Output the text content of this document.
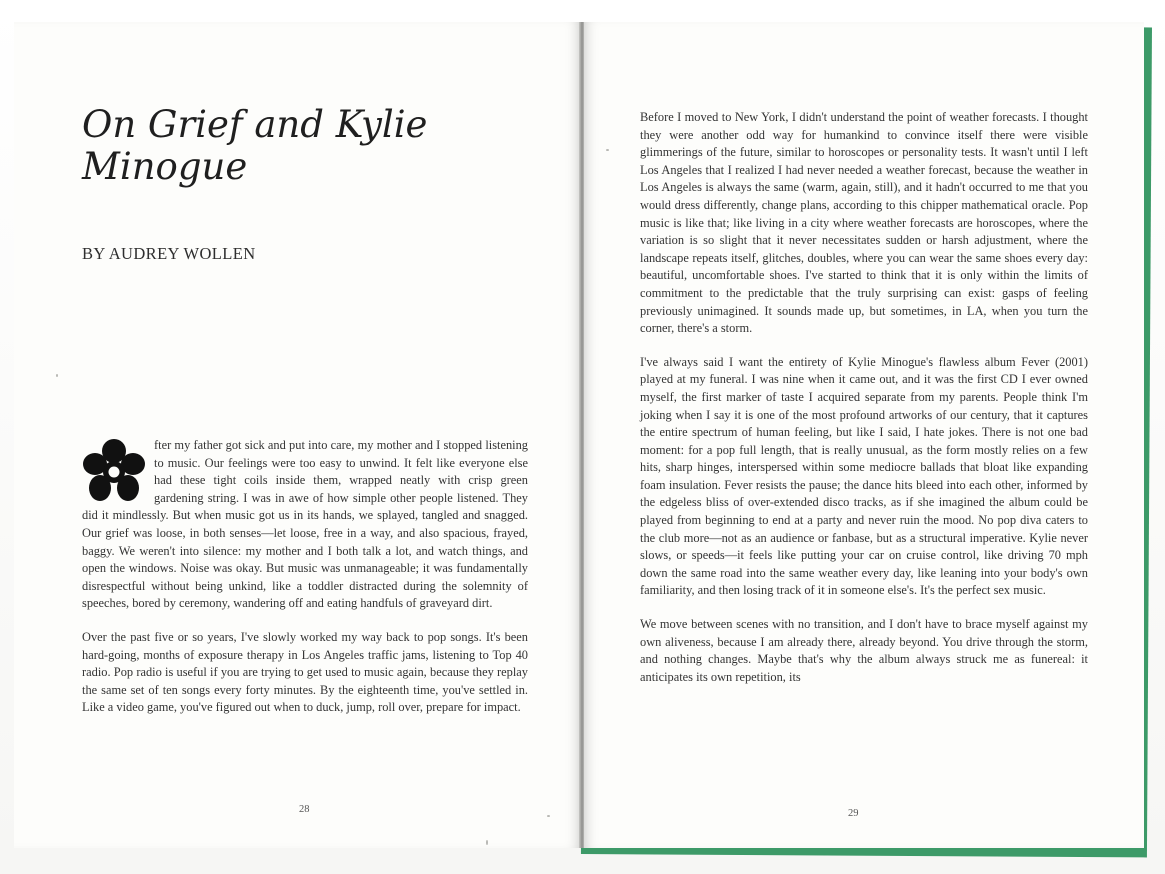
On Grief and Kylie Minogue
BY AUDREY WOLLEN

fter my father got sick and put into care, my mother and I stopped listening to music. Our feelings were too easy to unwind. It felt like everyone else had these tight coils inside them, wrapped neatly with crisp green gardening string. I was in awe of how simple other people listened. They did it mindlessly. But when music got us in its hands, we splayed, tangled and snagged. Our grief was loose, in both senses—let loose, free in a way, and also spacious, frayed, baggy. We weren't into silence: my mother and I both talk a lot, and watch things, and open the windows. Noise was okay. But music was unmanageable; it was fundamentally disrespectful without being unkind, like a toddler distracted during the solemnity of speeches, bored by ceremony, wandering off and eating handfuls of graveyard dirt.

Over the past five or so years, I've slowly worked my way back to pop songs. It's been hard-going, months of exposure therapy in Los Angeles traffic jams, listening to Top 40 radio. Pop radio is useful if you are trying to get used to music again, because they replay the same set of ten songs every forty minutes. By the eighteenth time, you've settled in. Like a video game, you've figured out when to duck, jump, roll over, prepare for impact.

28

Before I moved to New York, I didn't understand the point of weather forecasts. I thought they were another odd way for humankind to convince itself there were visible glimmerings of the future, similar to horoscopes or personality tests. It wasn't until I left Los Angeles that I realized I had never needed a weather forecast, because the weather in Los Angeles is always the same (warm, again, still), and it hadn't occurred to me that you would dress differently, change plans, according to this chipper mathematical oracle. Pop music is like that; like living in a city where weather forecasts are horoscopes, where the variation is so slight that it never necessitates sudden or harsh adjustment, where the landscape repeats itself, glitches, doubles, where you can wear the same shoes every day: beautiful, uncomfortable shoes. I've started to think that it is only within the limits of commitment to the predictable that the truly surprising can exist: gasps of feeling previously unimagined. It sounds made up, but sometimes, in LA, when you turn the corner, there's a storm.

I've always said I want the entirety of Kylie Minogue's flawless album Fever (2001) played at my funeral. I was nine when it came out, and it was the first CD I ever owned myself, the first marker of taste I acquired separate from my parents. People think I'm joking when I say it is one of the most profound artworks of our century, that it captures the entire spectrum of human feeling, but like I said, I hate jokes. There is not one bad moment: for a pop full length, that is really unusual, as the form mostly relies on a few hits, sharp hinges, interspersed within some mediocre ballads that bloat like expanding foam insulation. Fever resists the pause; the dance hits bleed into each other, informed by the edgeless bliss of over-extended disco tracks, as if she imagined the album could be played from beginning to end at a party and never ruin the mood. No pop diva caters to the club more—not as an audience or fanbase, but as a structural imperative. Kylie never slows, or speeds—it feels like putting your car on cruise control, like driving 70 mph down the same road into the same weather every day, like leaning into your body's own familiarity, and then losing track of it in someone else's. It's the perfect sex music.

We move between scenes with no transition, and I don't have to brace myself against my own aliveness, because I am already there, already beyond. You drive through the storm, and nothing changes. Maybe that's why the album always struck me as funereal: it anticipates its own repetition, its

29
